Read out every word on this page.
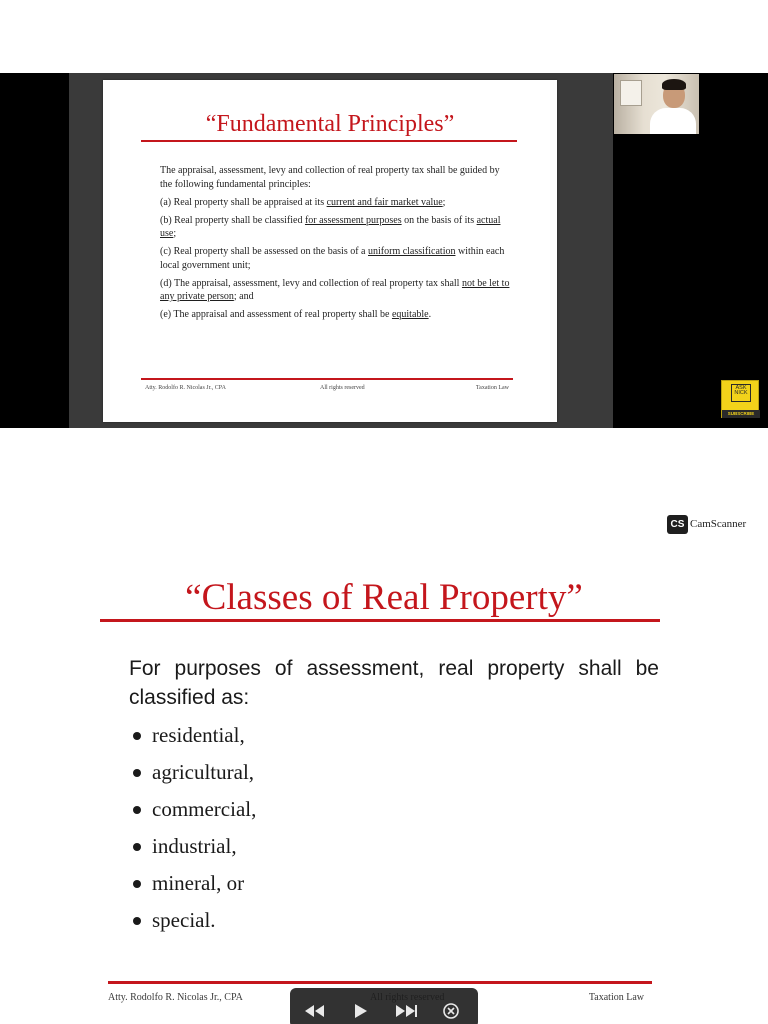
“Fundamental Principles”

The appraisal, assessment, levy and collection of real property tax shall be guided by the following fundamental principles:

(a) Real property shall be appraised at its current and fair market value;

(b) Real property shall be classified for assessment purposes on the basis of its actual use;

(c) Real property shall be assessed on the basis of a uniform classification within each local government unit;

(d) The appraisal, assessment, levy and collection of real property tax shall not be let to any private person; and

(e) The appraisal and assessment of real property shall be equitable.

Atty. Rodolfo R. Nicolas Jr., CPA	All rights reserved	Taxation Law	ASK
NICK
SUBSCRIBE
CS CamScanner
“Classes of Real Property”
For purposes of assessment, real property shall be classified as:
residential,
agricultural,
commercial,
industrial,
mineral, or
special.
Atty. Rodolfo R. Nicolas Jr., CPA	Taxation Law
